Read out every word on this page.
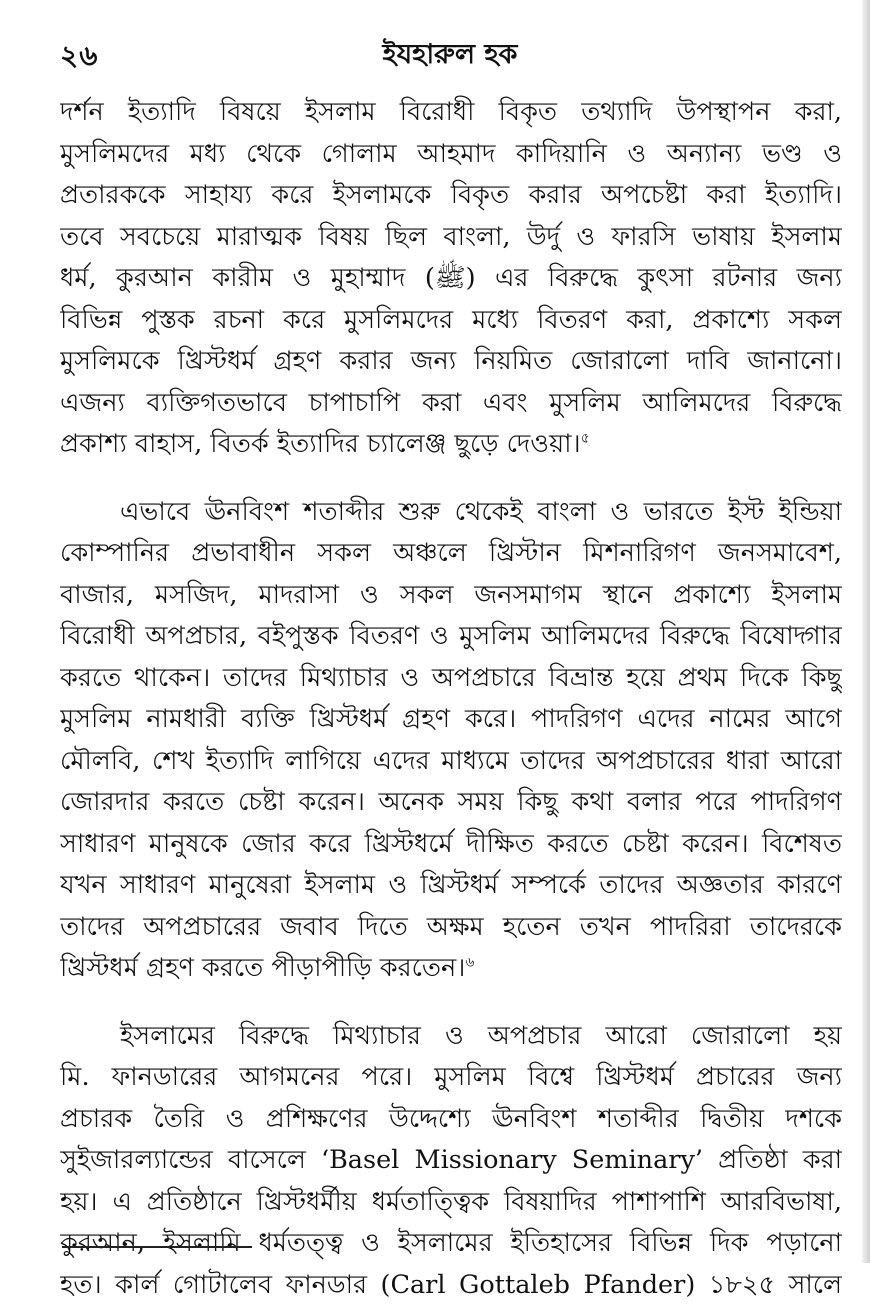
২৬	ইযহারুল হক
দর্শন ইত্যাদি বিষয়ে ইসলাম বিরোধী বিকৃত তথ্যাদি উপস্থাপন করা,
মুসলিমদের মধ্য থেকে গোলাম আহমাদ কাদিয়ানি ও অন্যান্য ভণ্ড ও
প্রতারককে সাহায্য করে ইসলামকে বিকৃত করার অপচেষ্টা করা ইত্যাদি।
তবে সবচেয়ে মারাত্মক বিষয় ছিল বাংলা, উর্দু ও ফারসি ভাষায় ইসলাম
ধর্ম, কুরআন কারীম ও মুহাম্মাদ (ﷺ) এর বিরুদ্ধে কুৎসা রটনার জন্য
বিভিন্ন পুস্তক রচনা করে মুসলিমদের মধ্যে বিতরণ করা, প্রকাশ্যে সকল
মুসলিমকে খ্রিস্টধর্ম গ্রহণ করার জন্য নিয়মিত জোরালো দাবি জানানো।
এজন্য ব্যক্তিগতভাবে চাপাচাপি করা এবং মুসলিম আলিমদের বিরুদ্ধে
প্রকাশ্য বাহাস, বিতর্ক ইত্যাদির চ্যালেঞ্জ ছুড়ে দেওয়া।$^৫$
এভাবে ঊনবিংশ শতাব্দীর শুরু থেকেই বাংলা ও ভারতে ইস্ট ইন্ডিয়া
কোম্পানির প্রভাবাধীন সকল অঞ্চলে খ্রিস্টান মিশনারিগণ জনসমাবেশ,
বাজার, মসজিদ, মাদরাসা ও সকল জনসমাগম স্থানে প্রকাশ্যে ইসলাম
বিরোধী অপপ্রচার, বইপুস্তক বিতরণ ও মুসলিম আলিমদের বিরুদ্ধে বিষোদ্গার
করতে থাকেন। তাদের মিথ্যাচার ও অপপ্রচারে বিভ্রান্ত হয়ে প্রথম দিকে কিছু
মুসলিম নামধারী ব্যক্তি খ্রিস্টধর্ম গ্রহণ করে। পাদরিগণ এদের নামের আগে
মৌলবি, শেখ ইত্যাদি লাগিয়ে এদের মাধ্যমে তাদের অপপ্রচারের ধারা আরো
জোরদার করতে চেষ্টা করেন। অনেক সময় কিছু কথা বলার পরে পাদরিগণ
সাধারণ মানুষকে জোর করে খ্রিস্টধর্মে দীক্ষিত করতে চেষ্টা করেন। বিশেষত
যখন সাধারণ মানুষেরা ইসলাম ও খ্রিস্টধর্ম সম্পর্কে তাদের অজ্ঞতার কারণে
তাদের অপপ্রচারের জবাব দিতে অক্ষম হতেন তখন পাদরিরা তাদেরকে
খ্রিস্টধর্ম গ্রহণ করতে পীড়াপীড়ি করতেন।$^৬$
ইসলামের বিরুদ্ধে মিথ্যাচার ও অপপ্রচার আরো জোরালো হয়
মি. ফানডারের আগমনের পরে। মুসলিম বিশ্বে খ্রিস্টধর্ম প্রচারের জন্য
প্রচারক তৈরি ও প্রশিক্ষণের উদ্দেশ্যে ঊনবিংশ শতাব্দীর দ্বিতীয় দশকে
সুইজারল্যান্ডের বাসেলে ‘Basel Missionary Seminary’ প্রতিষ্ঠা করা
হয়। এ প্রতিষ্ঠানে খ্রিস্টধর্মীয় ধর্মতাত্ত্বিক বিষয়াদির পাশাপাশি আরবিভাষা,
কুরআন, ইসলামি ধর্মতত্ত্ব ও ইসলামের ইতিহাসের বিভিন্ন দিক পড়ানো
হত। কার্ল গোটালেব ফানডার (Carl Gottaleb Pfander) ১৮২৫ সালে
